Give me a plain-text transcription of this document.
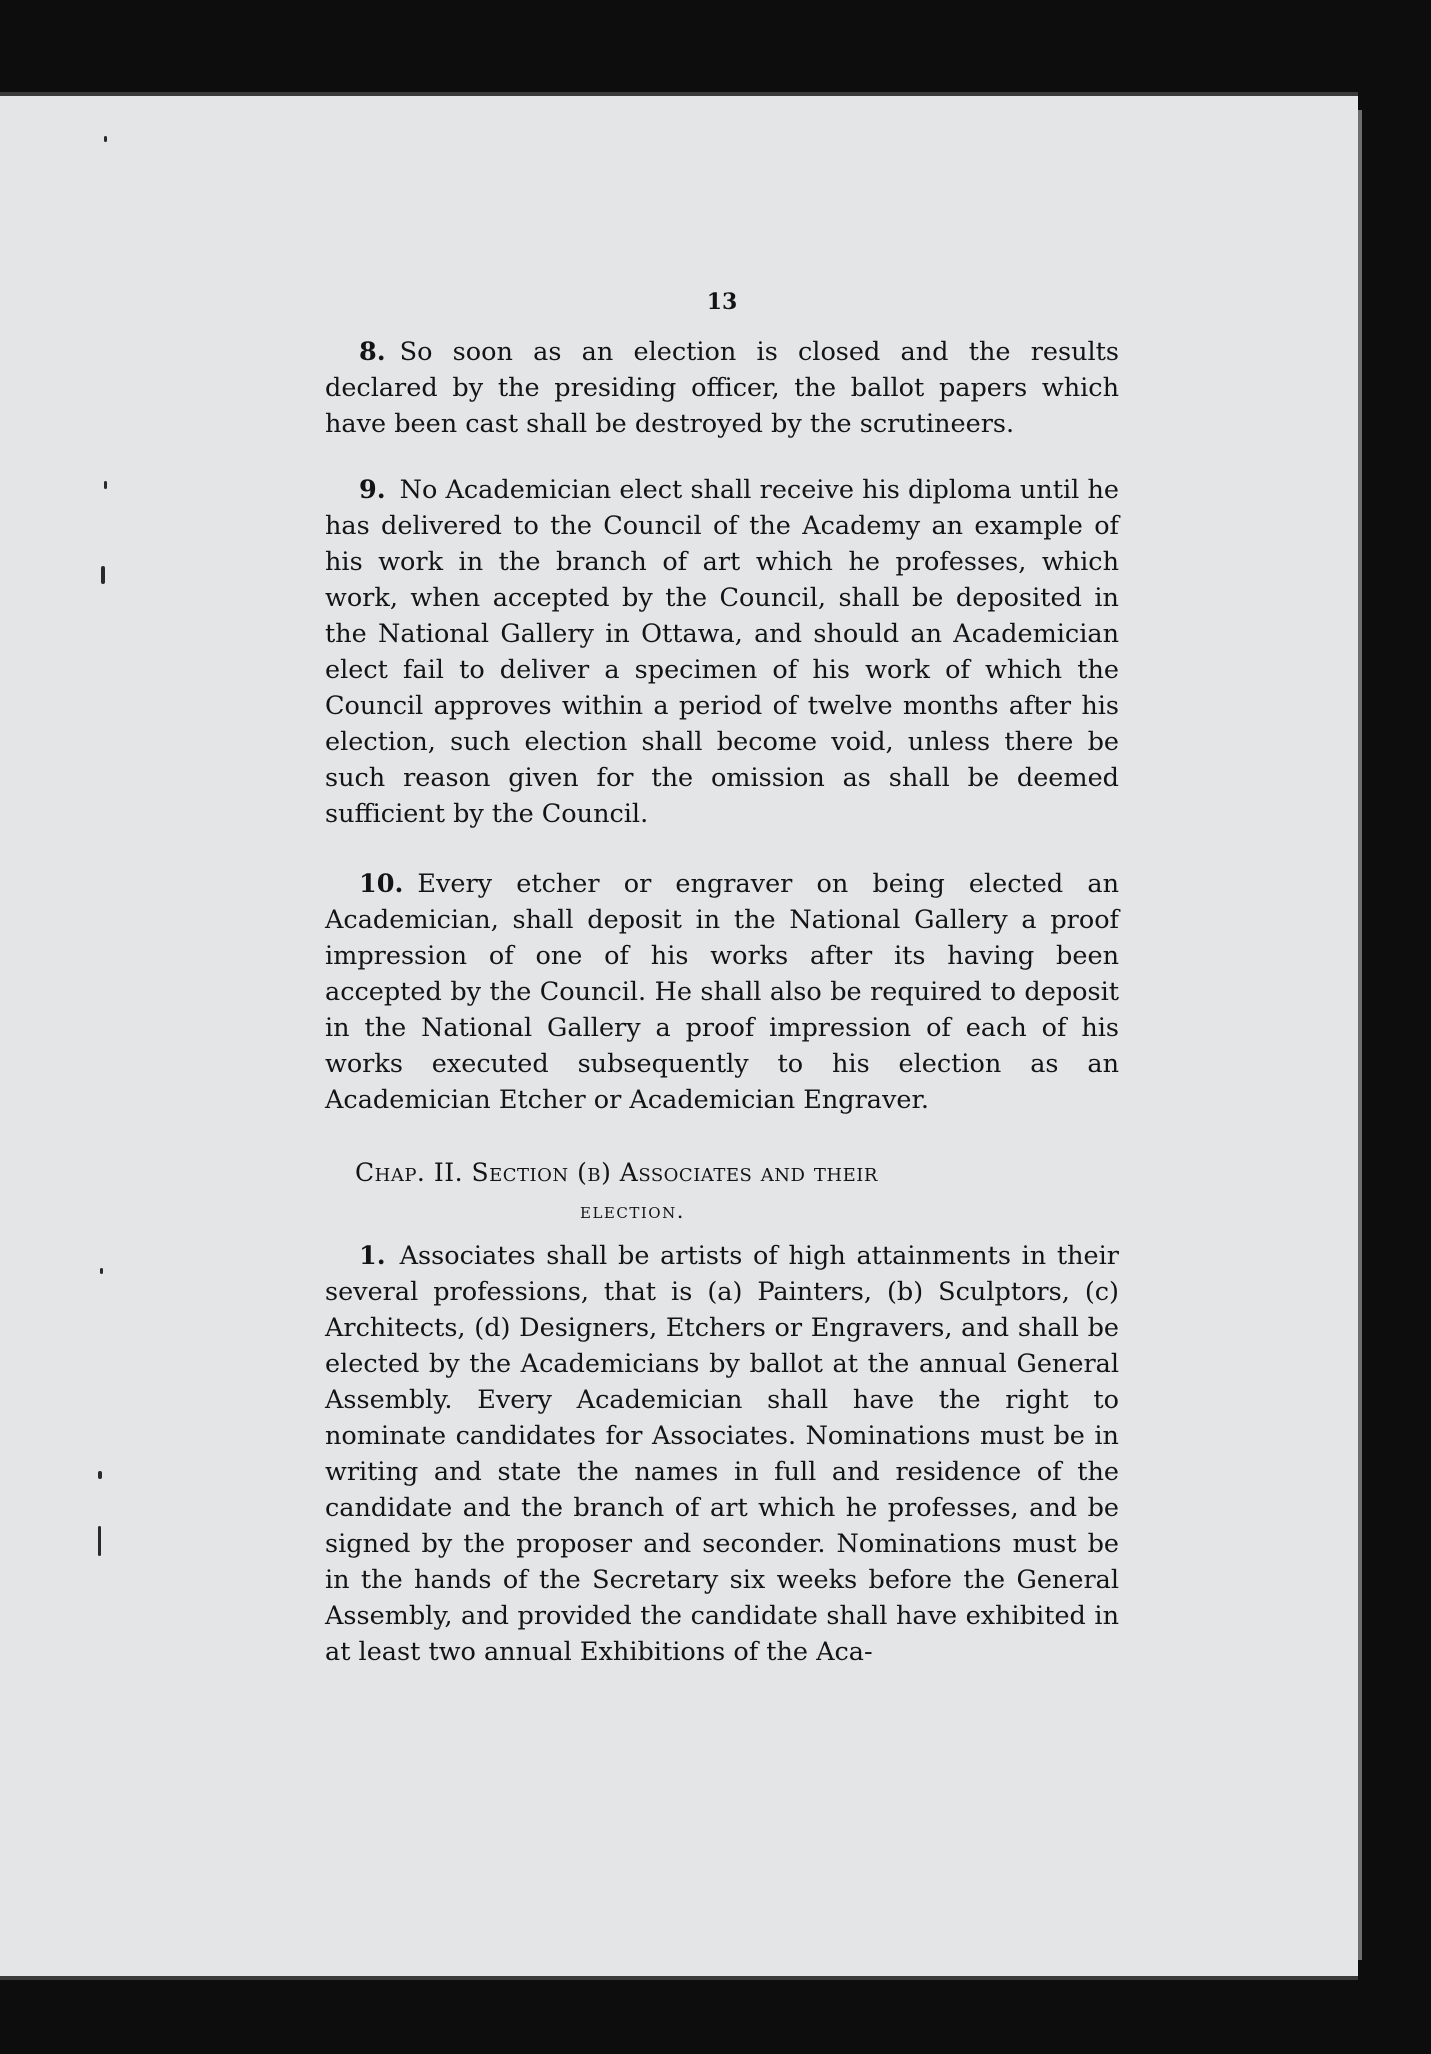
13

8. So soon as an election is closed and the results declared by the presiding officer, the ballot papers which have been cast shall be destroyed by the scrutineers.

9. No Academician elect shall receive his diploma until he has delivered to the Council of the Academy an example of his work in the branch of art which he professes, which work, when accepted by the Council, shall be deposited in the National Gallery in Ottawa, and should an Academician elect fail to deliver a specimen of his work of which the Council approves within a period of twelve months after his election, such election shall become void, unless there be such reason given for the omission as shall be deemed sufficient by the Council.

10. Every etcher or engraver on being elected an Academician, shall deposit in the National Gallery a proof impression of one of his works after its having been accepted by the Council. He shall also be required to deposit in the National Gallery a proof impression of each of his works executed subsequently to his election as an Academician Etcher or Academician Engraver.

Chap. II. Section (b) Associates and their
election.

1. Associates shall be artists of high attainments in their several professions, that is (a) Painters, (b) Sculptors, (c) Architects, (d) Designers, Etchers or Engravers, and shall be elected by the Academicians by ballot at the annual General Assembly. Every Academician shall have the right to nominate candidates for Associates. Nominations must be in writing and state the names in full and residence of the candidate and the branch of art which he professes, and be signed by the proposer and seconder. Nominations must be in the hands of the Secretary six weeks before the General Assembly, and provided the candidate shall have exhibited in at least two annual Exhibitions of the Aca-
